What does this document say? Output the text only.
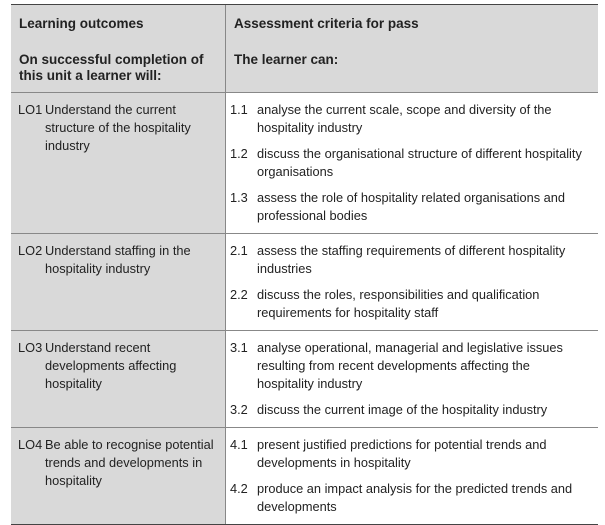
Learning outcomes
On successful completion of this unit a learner will:
Assessment criteria for pass
The learner can:
LO1 Understand the current structure of the hospitality industry
1.1 analyse the current scale, scope and diversity of the hospitality industry
1.2 discuss the organisational structure of different hospitality organisations
1.3 assess the role of hospitality related organisations and professional bodies
LO2 Understand staffing in the hospitality industry
2.1 assess the staffing requirements of different hospitality industries
2.2 discuss the roles, responsibilities and qualification requirements for hospitality staff
LO3 Understand recent developments affecting hospitality
3.1 analyse operational, managerial and legislative issues resulting from recent developments affecting the hospitality industry
3.2 discuss the current image of the hospitality industry
LO4 Be able to recognise potential trends and developments in hospitality
4.1 present justified predictions for potential trends and developments in hospitality
4.2 produce an impact analysis for the predicted trends and developments
